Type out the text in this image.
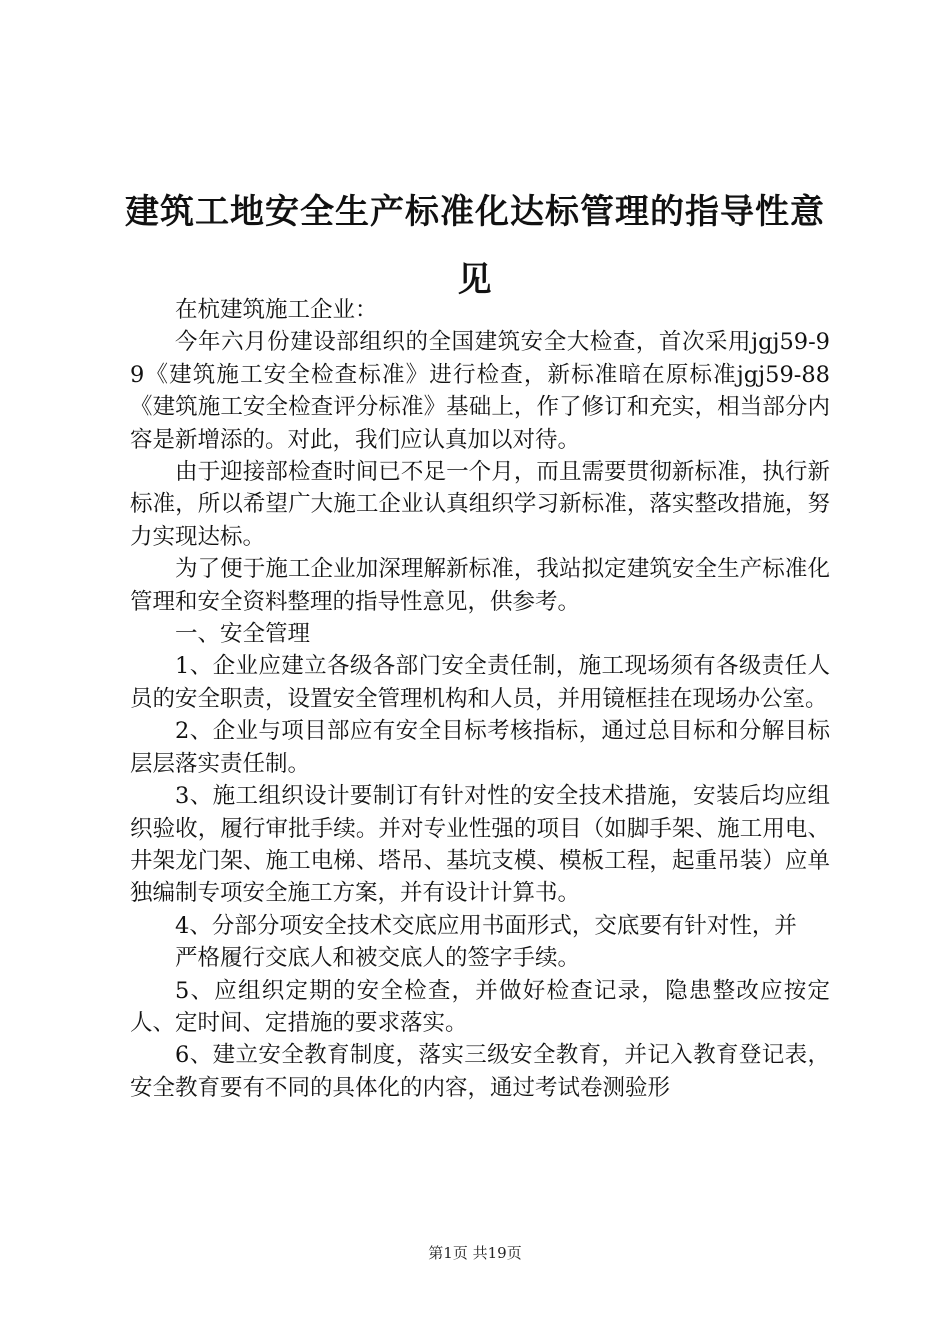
建筑工地安全生产标准化达标管理的指导性意见

在杭建筑施工企业：

今年六月份建设部组织的全国建筑安全大检查，首次采用jgj59-99《建筑施工安全检查标准》进行检查，新标准暗在原标准jgj59-88《建筑施工安全检查评分标准》基础上，作了修订和充实，相当部分内容是新增添的。对此，我们应认真加以对待。

由于迎接部检查时间已不足一个月，而且需要贯彻新标准，执行新标准，所以希望广大施工企业认真组织学习新标准，落实整改措施，努力实现达标。

为了便于施工企业加深理解新标准，我站拟定建筑安全生产标准化管理和安全资料整理的指导性意见，供参考。

一、安全管理

1、企业应建立各级各部门安全责任制，施工现场须有各级责任人员的安全职责，设置安全管理机构和人员，并用镜框挂在现场办公室。

2、企业与项目部应有安全目标考核指标，通过总目标和分解目标层层落实责任制。

3、施工组织设计要制订有针对性的安全技术措施，安装后均应组织验收，履行审批手续。并对专业性强的项目（如脚手架、施工用电、井架龙门架、施工电梯、塔吊、基坑支模、模板工程，起重吊装）应单独编制专项安全施工方案，并有设计计算书。

4、分部分项安全技术交底应用书面形式，交底要有针对性，并

严格履行交底人和被交底人的签字手续。

5、应组织定期的安全检查，并做好检查记录，隐患整改应按定人、定时间、定措施的要求落实。

6、建立安全教育制度，落实三级安全教育，并记入教育登记表，安全教育要有不同的具体化的内容，通过考试卷测验形

第1页 共19页
